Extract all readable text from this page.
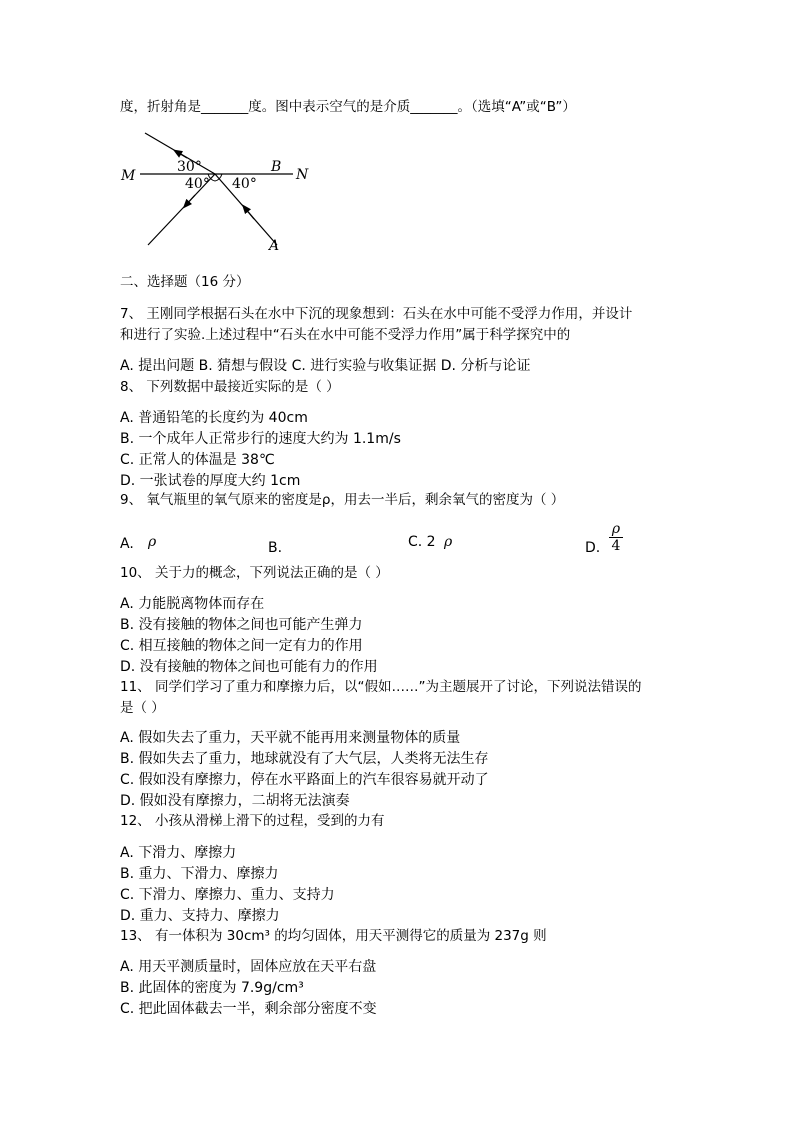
度，折射角是_______度。图中表示空气的是介质_______。（选填“A”或“B”）
M	N
B
A
30°
40° 40°
二、选择题（16 分）
7、 王刚同学根据石头在水中下沉的现象想到：石头在水中可能不受浮力作用，并设计
和进行了实验.上述过程中“石头在水中可能不受浮力作用”属于科学探究中的
A. 提出问题 B. 猜想与假设 C. 进行实验与收集证据 D. 分析与论证
8、 下列数据中最接近实际的是（ ）
A. 普通铅笔的长度约为 40cm
B. 一个成年人正常步行的速度大约为 1.1m/s
C. 正常人的体温是 38℃
D. 一张试卷的厚度大约 1cm
9、 氧气瓶里的氧气原来的密度是ρ，用去一半后，剩余氧气的密度为（ ）
A. ρ	B.	C. 2 ρ	D.
ρ
4
10、 关于力的概念，下列说法正确的是（ ）
A. 力能脱离物体而存在
B. 没有接触的物体之间也可能产生弹力
C. 相互接触的物体之间一定有力的作用
D. 没有接触的物体之间也可能有力的作用
11、 同学们学习了重力和摩擦力后，以“假如……”为主题展开了讨论，下列说法错误的
是（ ）
A. 假如失去了重力，天平就不能再用来测量物体的质量
B. 假如失去了重力，地球就没有了大气层，人类将无法生存
C. 假如没有摩擦力，停在水平路面上的汽车很容易就开动了
D. 假如没有摩擦力，二胡将无法演奏
12、 小孩从滑梯上滑下的过程，受到的力有
A. 下滑力、摩擦力
B. 重力、下滑力、摩擦力
C. 下滑力、摩擦力、重力、支持力
D. 重力、支持力、摩擦力
13、 有一体积为 30cm³ 的均匀固体，用天平测得它的质量为 237g 则
A. 用天平测质量时，固体应放在天平右盘
B. 此固体的密度为 7.9g/cm³
C. 把此固体截去一半，剩余部分密度不变
